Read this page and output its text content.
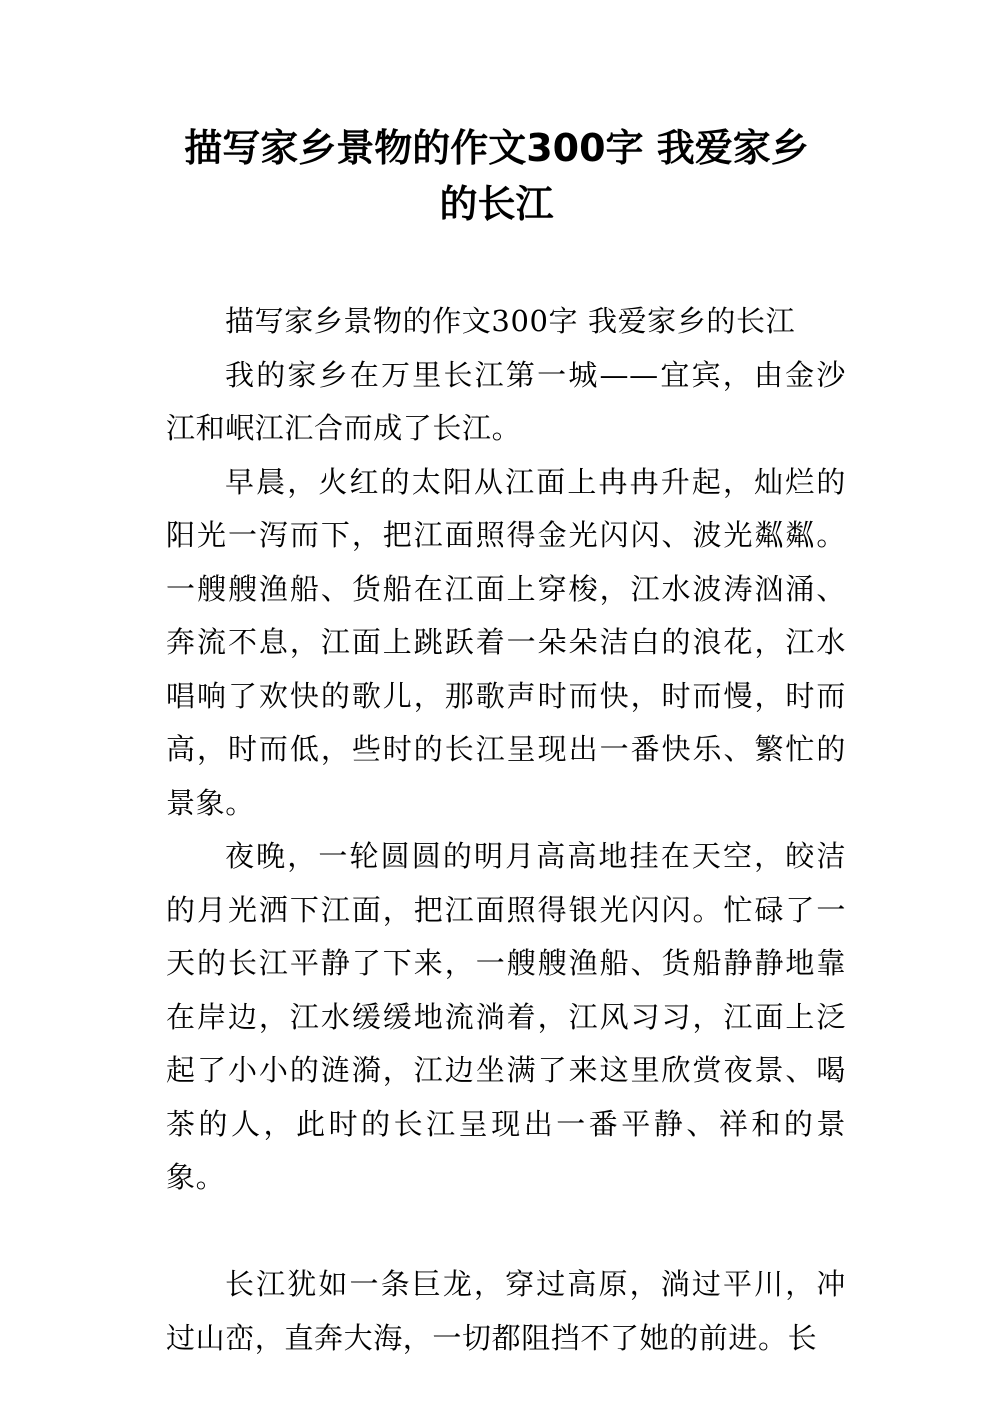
描写家乡景物的作文300字 我爱家乡
的长江

描写家乡景物的作文300字 我爱家乡的长江

我的家乡在万里长江第一城——宜宾，由金沙江和岷江汇合而成了长江。

早晨，火红的太阳从江面上冉冉升起，灿烂的阳光一泻而下，把江面照得金光闪闪、波光粼粼。一艘艘渔船、货船在江面上穿梭，江水波涛汹涌、奔流不息，江面上跳跃着一朵朵洁白的浪花，江水唱响了欢快的歌儿，那歌声时而快，时而慢，时而高，时而低，些时的长江呈现出一番快乐、繁忙的景象。

夜晚，一轮圆圆的明月高高地挂在天空，皎洁的月光洒下江面，把江面照得银光闪闪。忙碌了一天的长江平静了下来，一艘艘渔船、货船静静地靠在岸边，江水缓缓地流淌着，江风习习，江面上泛起了小小的涟漪，江边坐满了来这里欣赏夜景、喝茶的人，此时的长江呈现出一番平静、祥和的景象。

长江犹如一条巨龙，穿过高原，淌过平川，冲过山峦，直奔大海，一切都阻挡不了她的前进。长
